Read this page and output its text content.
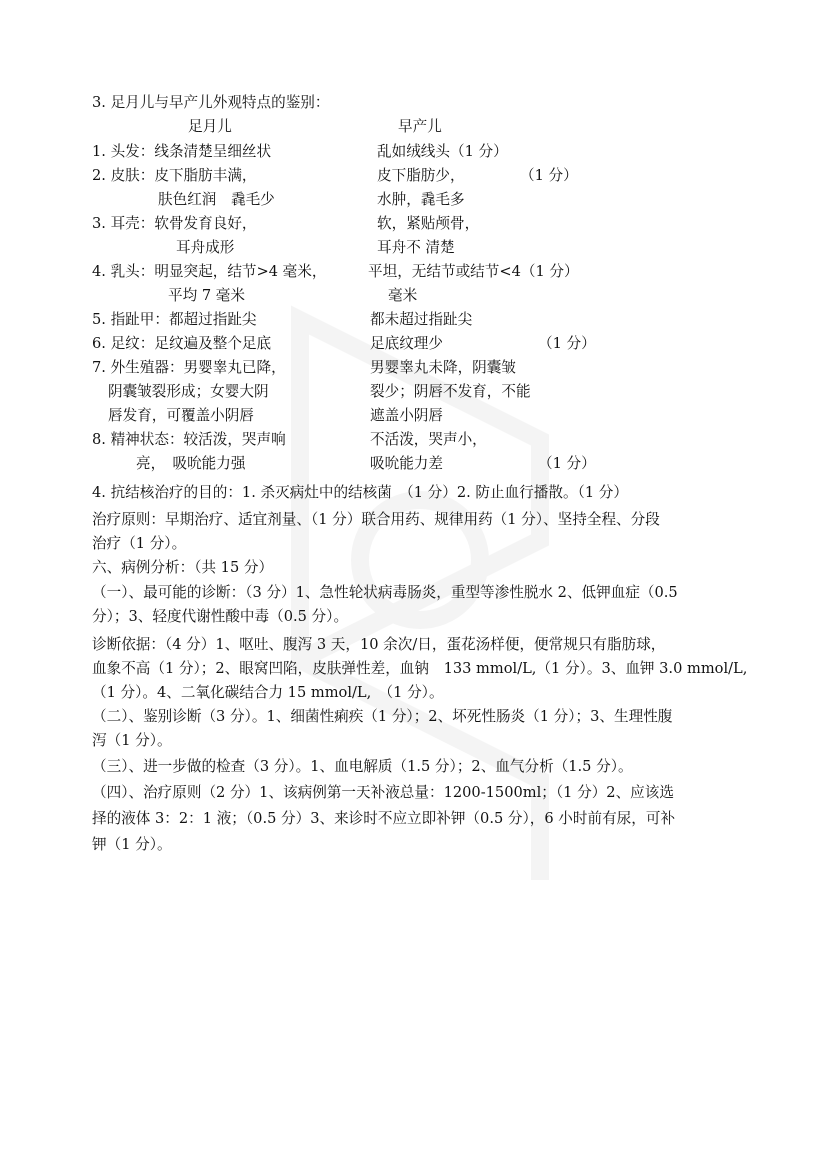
3. 足月儿与早产儿外观特点的鉴别：
足月儿	早产儿
1. 头发：线条清楚呈细丝状	乱如绒线头（1 分）
2. 皮肤：皮下脂肪丰满，	皮下脂肪少，	（1 分）
肤色红润　毳毛少	水肿，毳毛多
3. 耳壳：软骨发育良好，	软，紧贴颅骨，
耳舟成形	耳舟不 清楚
4. 乳头：明显突起，结节>4 毫米，	平坦，无结节或结节<4（1 分）
平均 7 毫米	毫米
5. 指趾甲：都超过指趾尖	都未超过指趾尖
6. 足纹：足纹遍及整个足底	足底纹理少	（1 分）
7. 外生殖器：男婴睾丸已降，	男婴睾丸未降，阴囊皱
阴囊皱裂形成；女婴大阴	裂少；阴唇不发育，不能
唇发育，可覆盖小阴唇	遮盖小阴唇
8. 精神状态：较活泼，哭声响	不活泼，哭声小，
亮，　吸吮能力强	吸吮能力差	（1 分）
4. 抗结核治疗的目的：1. 杀灭病灶中的结核菌　（1 分）2. 防止血行播散。（1 分）
治疗原则：早期治疗、适宜剂量、（1 分）联合用药、规律用药（1 分）、坚持全程、分段
治疗（1 分）。
六、病例分析：（共 15 分）
（一）、最可能的诊断：（3 分）1、急性轮状病毒肠炎，重型等渗性脱水 2、低钾血症（0.5
分）；3、轻度代谢性酸中毒（0.5 分）。
诊断依据：（4 分）1、呕吐、腹泻 3 天，10 余次/日，蛋花汤样便，便常规只有脂肪球，
血象不高（1 分）；2、眼窝凹陷，皮肤弹性差，血钠　133 mmol/L,（1 分）。3、血钾 3.0 mmol/L,
（1 分）。4、二氧化碳结合力 15 mmol/L,　（1 分）。
（二）、鉴别诊断（3 分）。1、细菌性痢疾（1 分）；2、坏死性肠炎（1 分）；3、生理性腹
泻（1 分）。
（三）、进一步做的检查（3 分）。1、血电解质（1.5 分）；2、血气分析（1.5 分）。
（四）、治疗原则（2 分）1、该病例第一天补液总量：1200-1500ml；（1 分）2、应该选
择的液体 3：2：1 液；（0.5 分）3、来诊时不应立即补钾（0.5 分），6 小时前有尿，可补
钾（1 分）。
